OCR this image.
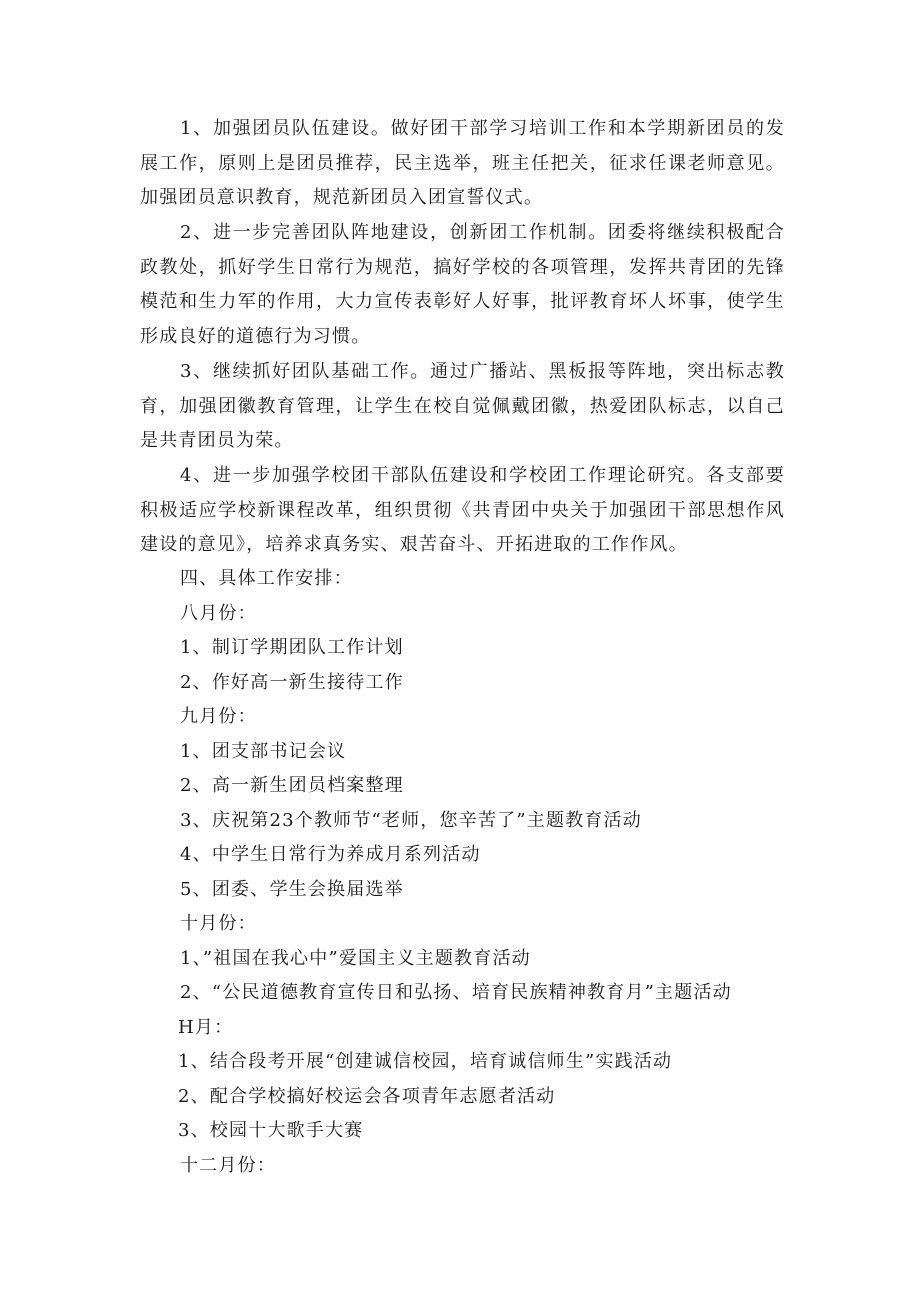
1、加强团员队伍建设。做好团干部学习培训工作和本学期新团员的发展工作，原则上是团员推荐，民主选举，班主任把关，征求任课老师意见。加强团员意识教育，规范新团员入团宣誓仪式。

2、进一步完善团队阵地建设，创新团工作机制。团委将继续积极配合政教处，抓好学生日常行为规范，搞好学校的各项管理，发挥共青团的先锋模范和生力军的作用，大力宣传表彰好人好事，批评教育坏人坏事，使学生形成良好的道德行为习惯。

3、继续抓好团队基础工作。通过广播站、黑板报等阵地，突出标志教育，加强团徽教育管理，让学生在校自觉佩戴团徽，热爱团队标志，以自己是共青团员为荣。

4、进一步加强学校团干部队伍建设和学校团工作理论研究。各支部要积极适应学校新课程改革，组织贯彻《共青团中央关于加强团干部思想作风建设的意见》，培养求真务实、艰苦奋斗、开拓进取的工作作风。

四、具体工作安排：

八月份：

1、制订学期团队工作计划

2、作好高一新生接待工作

九月份：

1、团支部书记会议

2、高一新生团员档案整理

3、庆祝第23个教师节“老师，您辛苦了”主题教育活动

4、中学生日常行为养成月系列活动

5、团委、学生会换届选举

十月份：

1、”祖国在我心中”爱国主义主题教育活动

2、“公民道德教育宣传日和弘扬、培育民族精神教育月”主题活动

H月：

1、结合段考开展“创建诚信校园，培育诚信师生”实践活动

2、配合学校搞好校运会各项青年志愿者活动

3、校园十大歌手大赛

十二月份：
